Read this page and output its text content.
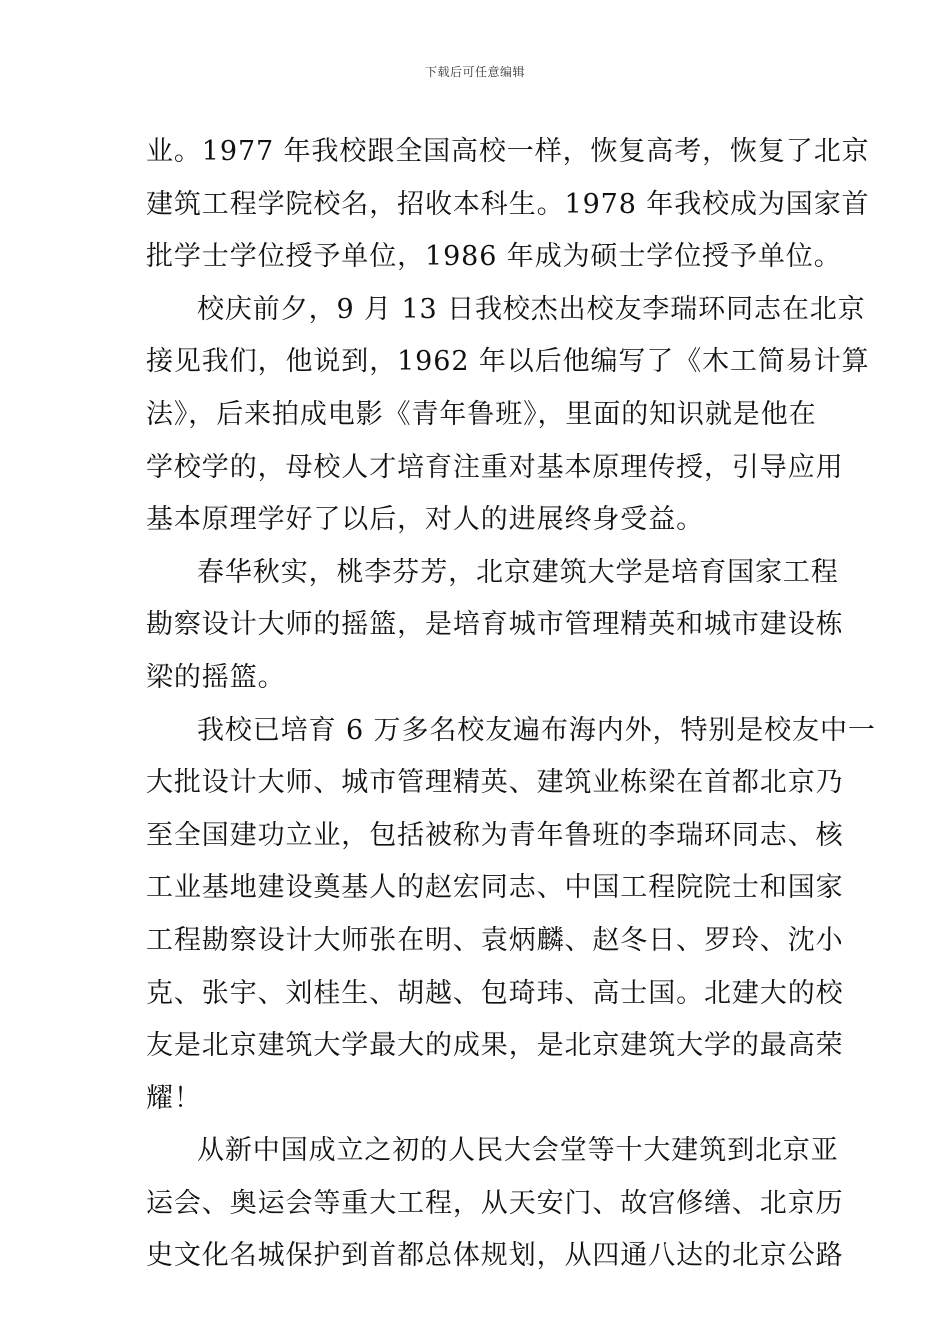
下载后可任意编辑
业。1977 年我校跟全国高校一样，恢复高考，恢复了北京
建筑工程学院校名，招收本科生。1978 年我校成为国家首
批学士学位授予单位，1986 年成为硕士学位授予单位。
校庆前夕，9 月 13 日我校杰出校友李瑞环同志在北京
接见我们，他说到，1962 年以后他编写了《木工简易计算
法》，后来拍成电影《青年鲁班》，里面的知识就是他在
学校学的，母校人才培育注重对基本原理传授，引导应用
基本原理学好了以后，对人的进展终身受益。
春华秋实，桃李芬芳，北京建筑大学是培育国家工程
勘察设计大师的摇篮，是培育城市管理精英和城市建设栋
梁的摇篮。
我校已培育 6 万多名校友遍布海内外，特别是校友中一
大批设计大师、城市管理精英、建筑业栋梁在首都北京乃
至全国建功立业，包括被称为青年鲁班的李瑞环同志、核
工业基地建设奠基人的赵宏同志、中国工程院院士和国家
工程勘察设计大师张在明、袁炳麟、赵冬日、罗玲、沈小
克、张宇、刘桂生、胡越、包琦玮、高士国。北建大的校
友是北京建筑大学最大的成果，是北京建筑大学的最高荣
耀！
从新中国成立之初的人民大会堂等十大建筑到北京亚
运会、奥运会等重大工程，从天安门、故宫修缮、北京历
史文化名城保护到首都总体规划，从四通八达的北京公路
